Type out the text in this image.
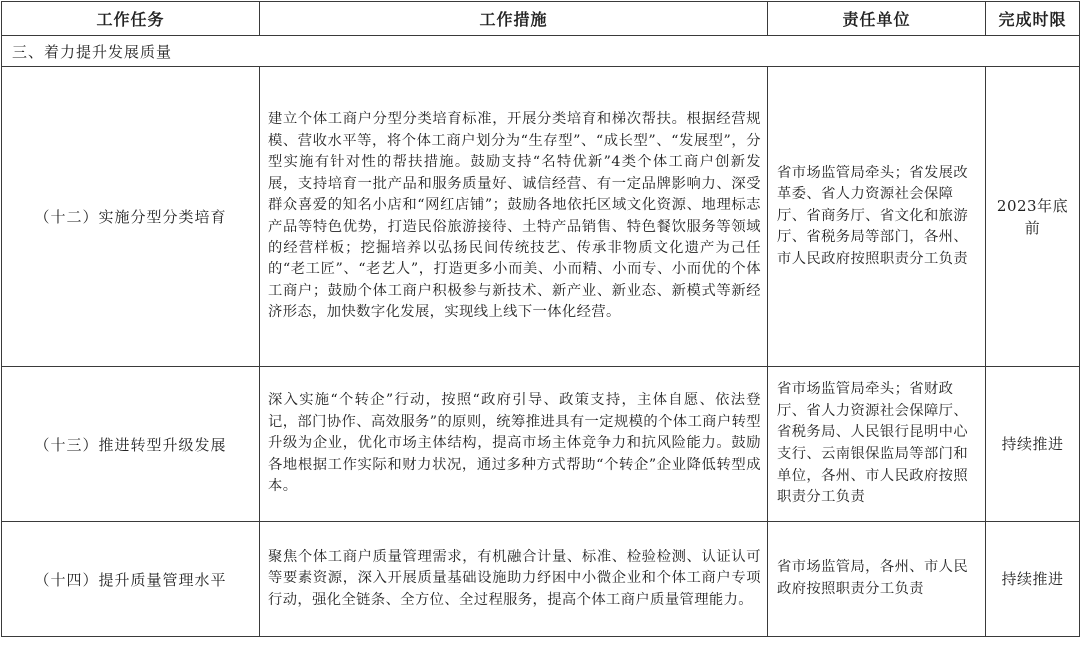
工作任务	工作措施	责任单位	完成时限
三、着力提升发展质量			
（十二）实施分型分类培育	建立个体工商户分型分类培育标准，开展分类培育和梯次帮扶。根据经营规模、营收水平等，将个体工商户划分为“生存型”、“成长型”、“发展型”，分型实施有针对性的帮扶措施。鼓励支持“名特优新”4类个体工商户创新发展，支持培育一批产品和服务质量好、诚信经营、有一定品牌影响力、深受群众喜爱的知名小店和“网红店铺”；鼓励各地依托区域文化资源、地理标志产品等特色优势，打造民俗旅游接待、土特产品销售、特色餐饮服务等领域的经营样板；挖掘培养以弘扬民间传统技艺、传承非物质文化遗产为己任的“老工匠”、“老艺人”，打造更多小而美、小而精、小而专、小而优的个体工商户；鼓励个体工商户积极参与新技术、新产业、新业态、新模式等新经济形态，加快数字化发展，实现线上线下一体化经营。	省市场监管局牵头；省发展改革委、省人力资源社会保障厅、省商务厅、省文化和旅游厅、省税务局等部门，各州、市人民政府按照职责分工负责	2023年底前
（十三）推进转型升级发展	深入实施“个转企”行动，按照“政府引导、政策支持，主体自愿、依法登记，部门协作、高效服务”的原则，统筹推进具有一定规模的个体工商户转型升级为企业，优化市场主体结构，提高市场主体竞争力和抗风险能力。鼓励各地根据工作实际和财力状况，通过多种方式帮助“个转企”企业降低转型成本。	省市场监管局牵头；省财政厅、省人力资源社会保障厅、省税务局、人民银行昆明中心支行、云南银保监局等部门和单位，各州、市人民政府按照职责分工负责	持续推进
（十四）提升质量管理水平	聚焦个体工商户质量管理需求，有机融合计量、标准、检验检测、认证认可等要素资源，深入开展质量基础设施助力纾困中小微企业和个体工商户专项行动，强化全链条、全方位、全过程服务，提高个体工商户质量管理能力。	省市场监管局，各州、市人民政府按照职责分工负责	持续推进
